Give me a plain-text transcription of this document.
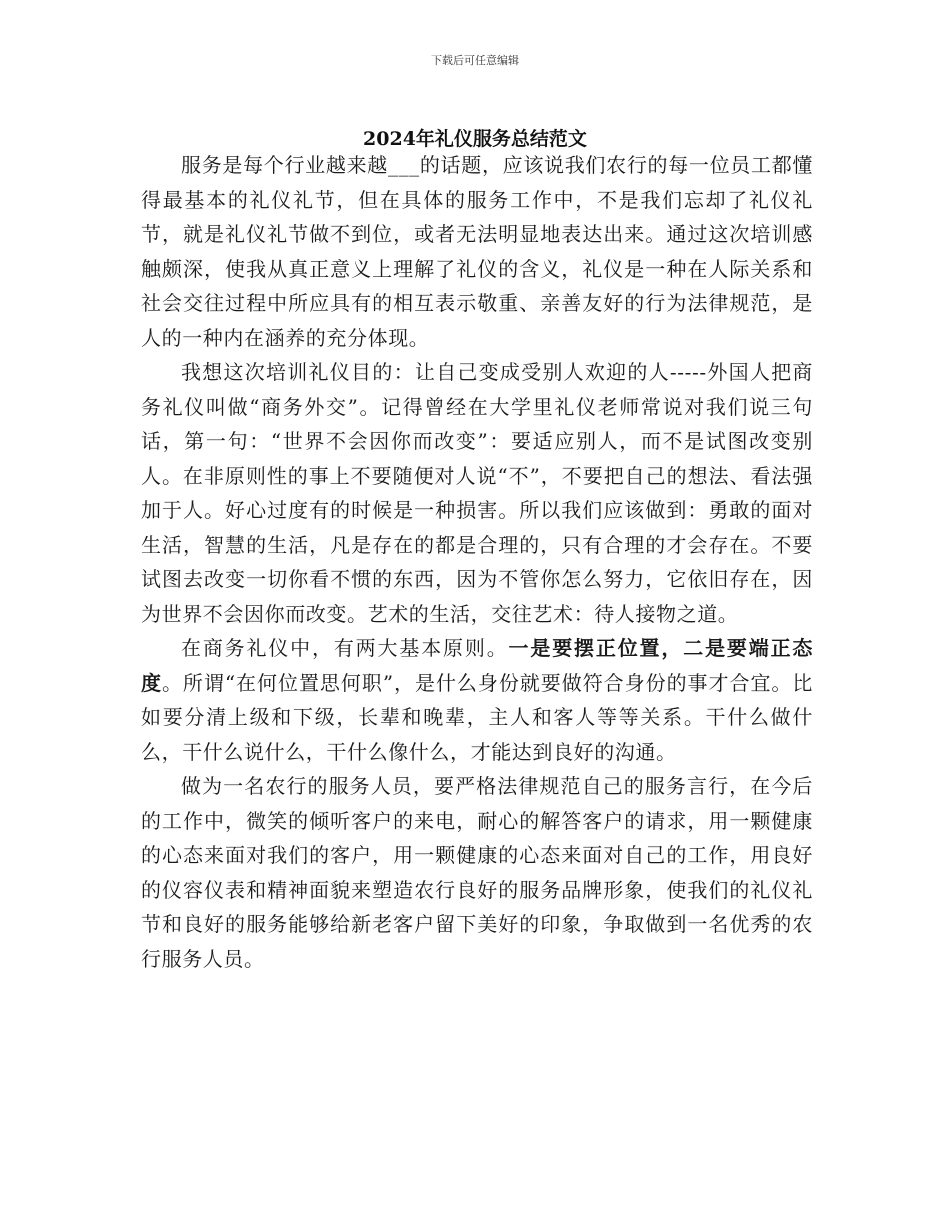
下载后可任意编辑
2024年礼仪服务总结范文

服务是每个行业越来越___的话题，应该说我们农行的每一位员工都懂得最基本的礼仪礼节，但在具体的服务工作中，不是我们忘却了礼仪礼节，就是礼仪礼节做不到位，或者无法明显地表达出来。通过这次培训感触颇深，使我从真正意义上理解了礼仪的含义，礼仪是一种在人际关系和社会交往过程中所应具有的相互表示敬重、亲善友好的行为法律规范，是人的一种内在涵养的充分体现。

我想这次培训礼仪目的：让自己变成受别人欢迎的人-----外国人把商务礼仪叫做“商务外交”。记得曾经在大学里礼仪老师常说对我们说三句话，第一句：“世界不会因你而改变”：要适应别人，而不是试图改变别人。在非原则性的事上不要随便对人说“不”，不要把自己的想法、看法强加于人。好心过度有的时候是一种损害。所以我们应该做到：勇敢的面对生活，智慧的生活，凡是存在的都是合理的，只有合理的才会存在。不要试图去改变一切你看不惯的东西，因为不管你怎么努力，它依旧存在，因为世界不会因你而改变。艺术的生活，交往艺术：待人接物之道。

在商务礼仪中，有两大基本原则。一是要摆正位置，二是要端正态度。所谓“在何位置思何职”，是什么身份就要做符合身份的事才合宜。比如要分清上级和下级，长辈和晚辈，主人和客人等等关系。干什么做什么，干什么说什么，干什么像什么，才能达到良好的沟通。

做为一名农行的服务人员，要严格法律规范自己的服务言行，在今后的工作中，微笑的倾听客户的来电，耐心的解答客户的请求，用一颗健康的心态来面对我们的客户，用一颗健康的心态来面对自己的工作，用良好的仪容仪表和精神面貌来塑造农行良好的服务品牌形象，使我们的礼仪礼节和良好的服务能够给新老客户留下美好的印象，争取做到一名优秀的农行服务人员。
